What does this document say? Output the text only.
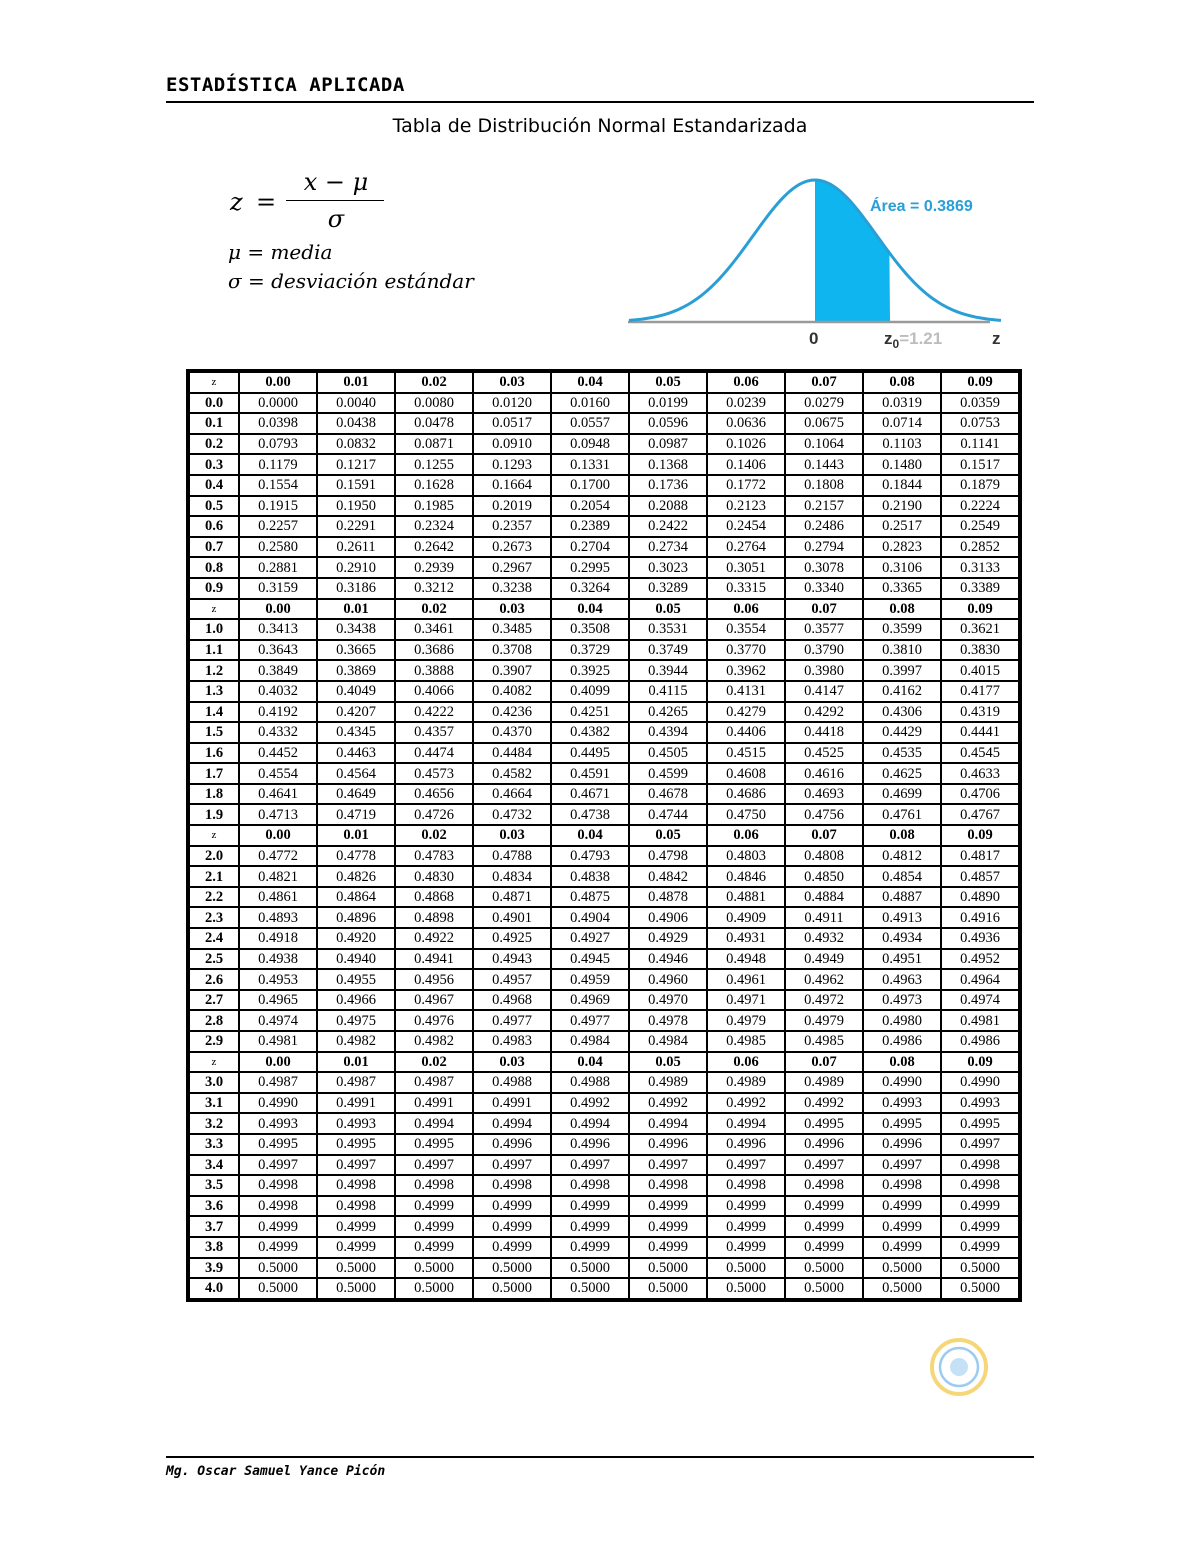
ESTADÍSTICA APLICADA
Tabla de Distribución Normal Estandarizada
z =
x − μ
σ
μ = media
σ = desviación estándar
Área = 0.3869
0	$z_0=1.21$	z
z	0.00	0.01	0.02	0.03	0.04	0.05	0.06	0.07	0.08	0.09
0.0	0.0000	0.0040	0.0080	0.0120	0.0160	0.0199	0.0239	0.0279	0.0319	0.0359
0.1	0.0398	0.0438	0.0478	0.0517	0.0557	0.0596	0.0636	0.0675	0.0714	0.0753
0.2	0.0793	0.0832	0.0871	0.0910	0.0948	0.0987	0.1026	0.1064	0.1103	0.1141
0.3	0.1179	0.1217	0.1255	0.1293	0.1331	0.1368	0.1406	0.1443	0.1480	0.1517
0.4	0.1554	0.1591	0.1628	0.1664	0.1700	0.1736	0.1772	0.1808	0.1844	0.1879
0.5	0.1915	0.1950	0.1985	0.2019	0.2054	0.2088	0.2123	0.2157	0.2190	0.2224
0.6	0.2257	0.2291	0.2324	0.2357	0.2389	0.2422	0.2454	0.2486	0.2517	0.2549
0.7	0.2580	0.2611	0.2642	0.2673	0.2704	0.2734	0.2764	0.2794	0.2823	0.2852
0.8	0.2881	0.2910	0.2939	0.2967	0.2995	0.3023	0.3051	0.3078	0.3106	0.3133
0.9	0.3159	0.3186	0.3212	0.3238	0.3264	0.3289	0.3315	0.3340	0.3365	0.3389
z	0.00	0.01	0.02	0.03	0.04	0.05	0.06	0.07	0.08	0.09
1.0	0.3413	0.3438	0.3461	0.3485	0.3508	0.3531	0.3554	0.3577	0.3599	0.3621
1.1	0.3643	0.3665	0.3686	0.3708	0.3729	0.3749	0.3770	0.3790	0.3810	0.3830
1.2	0.3849	0.3869	0.3888	0.3907	0.3925	0.3944	0.3962	0.3980	0.3997	0.4015
1.3	0.4032	0.4049	0.4066	0.4082	0.4099	0.4115	0.4131	0.4147	0.4162	0.4177
1.4	0.4192	0.4207	0.4222	0.4236	0.4251	0.4265	0.4279	0.4292	0.4306	0.4319
1.5	0.4332	0.4345	0.4357	0.4370	0.4382	0.4394	0.4406	0.4418	0.4429	0.4441
1.6	0.4452	0.4463	0.4474	0.4484	0.4495	0.4505	0.4515	0.4525	0.4535	0.4545
1.7	0.4554	0.4564	0.4573	0.4582	0.4591	0.4599	0.4608	0.4616	0.4625	0.4633
1.8	0.4641	0.4649	0.4656	0.4664	0.4671	0.4678	0.4686	0.4693	0.4699	0.4706
1.9	0.4713	0.4719	0.4726	0.4732	0.4738	0.4744	0.4750	0.4756	0.4761	0.4767
z	0.00	0.01	0.02	0.03	0.04	0.05	0.06	0.07	0.08	0.09
2.0	0.4772	0.4778	0.4783	0.4788	0.4793	0.4798	0.4803	0.4808	0.4812	0.4817
2.1	0.4821	0.4826	0.4830	0.4834	0.4838	0.4842	0.4846	0.4850	0.4854	0.4857
2.2	0.4861	0.4864	0.4868	0.4871	0.4875	0.4878	0.4881	0.4884	0.4887	0.4890
2.3	0.4893	0.4896	0.4898	0.4901	0.4904	0.4906	0.4909	0.4911	0.4913	0.4916
2.4	0.4918	0.4920	0.4922	0.4925	0.4927	0.4929	0.4931	0.4932	0.4934	0.4936
2.5	0.4938	0.4940	0.4941	0.4943	0.4945	0.4946	0.4948	0.4949	0.4951	0.4952
2.6	0.4953	0.4955	0.4956	0.4957	0.4959	0.4960	0.4961	0.4962	0.4963	0.4964
2.7	0.4965	0.4966	0.4967	0.4968	0.4969	0.4970	0.4971	0.4972	0.4973	0.4974
2.8	0.4974	0.4975	0.4976	0.4977	0.4977	0.4978	0.4979	0.4979	0.4980	0.4981
2.9	0.4981	0.4982	0.4982	0.4983	0.4984	0.4984	0.4985	0.4985	0.4986	0.4986
z	0.00	0.01	0.02	0.03	0.04	0.05	0.06	0.07	0.08	0.09
3.0	0.4987	0.4987	0.4987	0.4988	0.4988	0.4989	0.4989	0.4989	0.4990	0.4990
3.1	0.4990	0.4991	0.4991	0.4991	0.4992	0.4992	0.4992	0.4992	0.4993	0.4993
3.2	0.4993	0.4993	0.4994	0.4994	0.4994	0.4994	0.4994	0.4995	0.4995	0.4995
3.3	0.4995	0.4995	0.4995	0.4996	0.4996	0.4996	0.4996	0.4996	0.4996	0.4997
3.4	0.4997	0.4997	0.4997	0.4997	0.4997	0.4997	0.4997	0.4997	0.4997	0.4998
3.5	0.4998	0.4998	0.4998	0.4998	0.4998	0.4998	0.4998	0.4998	0.4998	0.4998
3.6	0.4998	0.4998	0.4999	0.4999	0.4999	0.4999	0.4999	0.4999	0.4999	0.4999
3.7	0.4999	0.4999	0.4999	0.4999	0.4999	0.4999	0.4999	0.4999	0.4999	0.4999
3.8	0.4999	0.4999	0.4999	0.4999	0.4999	0.4999	0.4999	0.4999	0.4999	0.4999
3.9	0.5000	0.5000	0.5000	0.5000	0.5000	0.5000	0.5000	0.5000	0.5000	0.5000
4.0	0.5000	0.5000	0.5000	0.5000	0.5000	0.5000	0.5000	0.5000	0.5000	0.5000
Mg. Oscar Samuel Yance Picón
